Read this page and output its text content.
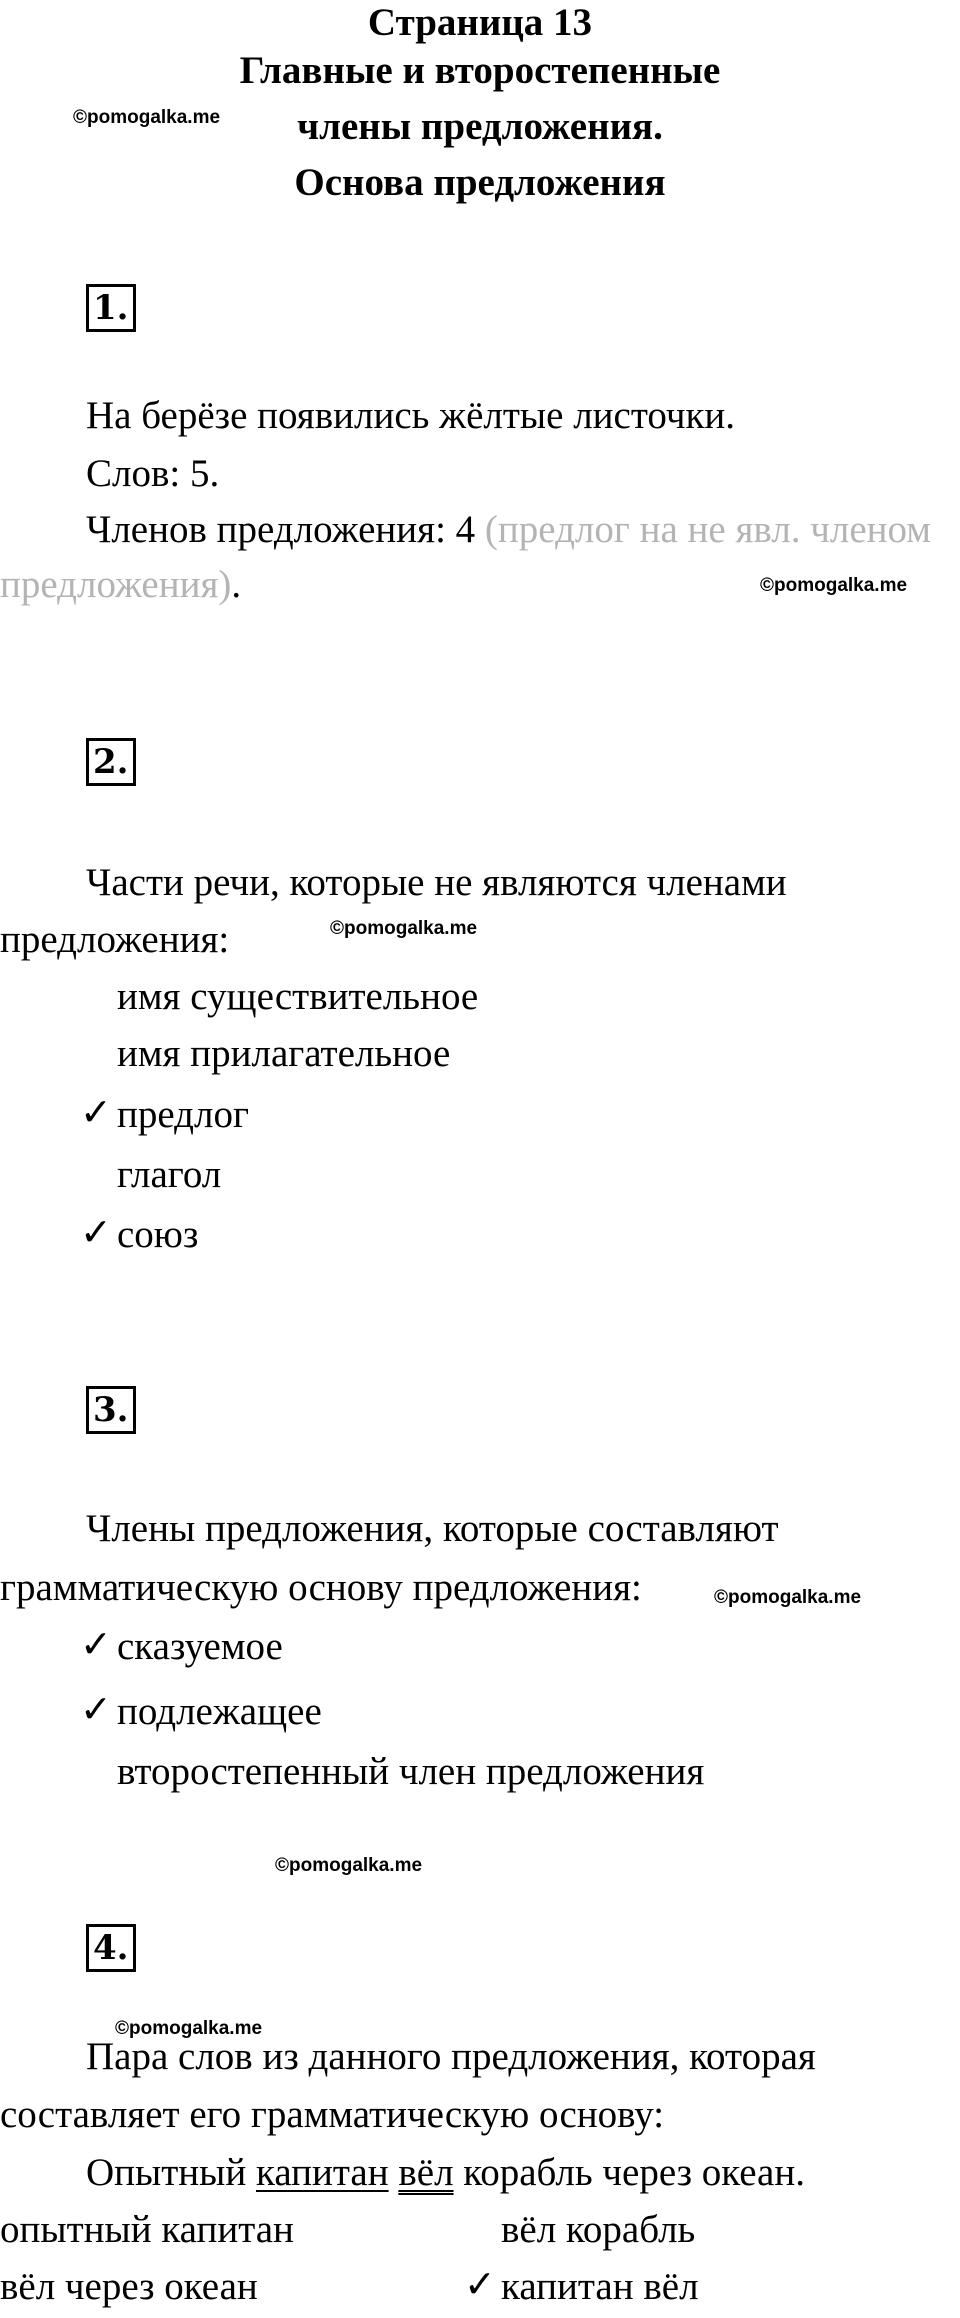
Страница 13
Главные и второстепенные
члены предложения.
Основа предложения
©pomogalka.me
1.
На берёзе появились жёлтые листочки.
Слов: 5.
Членов предложения: 4 (предлог на не явл. членом
предложения).	©pomogalka.me
2.
Части речи, которые не являются членами
предложения:	©pomogalka.me
имя существительное
имя прилагательное
✓ предлог
глагол
✓ союз
3.
Члены предложения, которые составляют
грамматическую основу предложения:	©pomogalka.me
✓ сказуемое
✓ подлежащее
второстепенный член предложения
©pomogalka.me
4.
©pomogalka.me
Пара слов из данного предложения, которая
составляет его грамматическую основу:
Опытный капитан вёл корабль через океан.
опытный капитан	вёл корабль
вёл через океан	✓ капитан вёл
